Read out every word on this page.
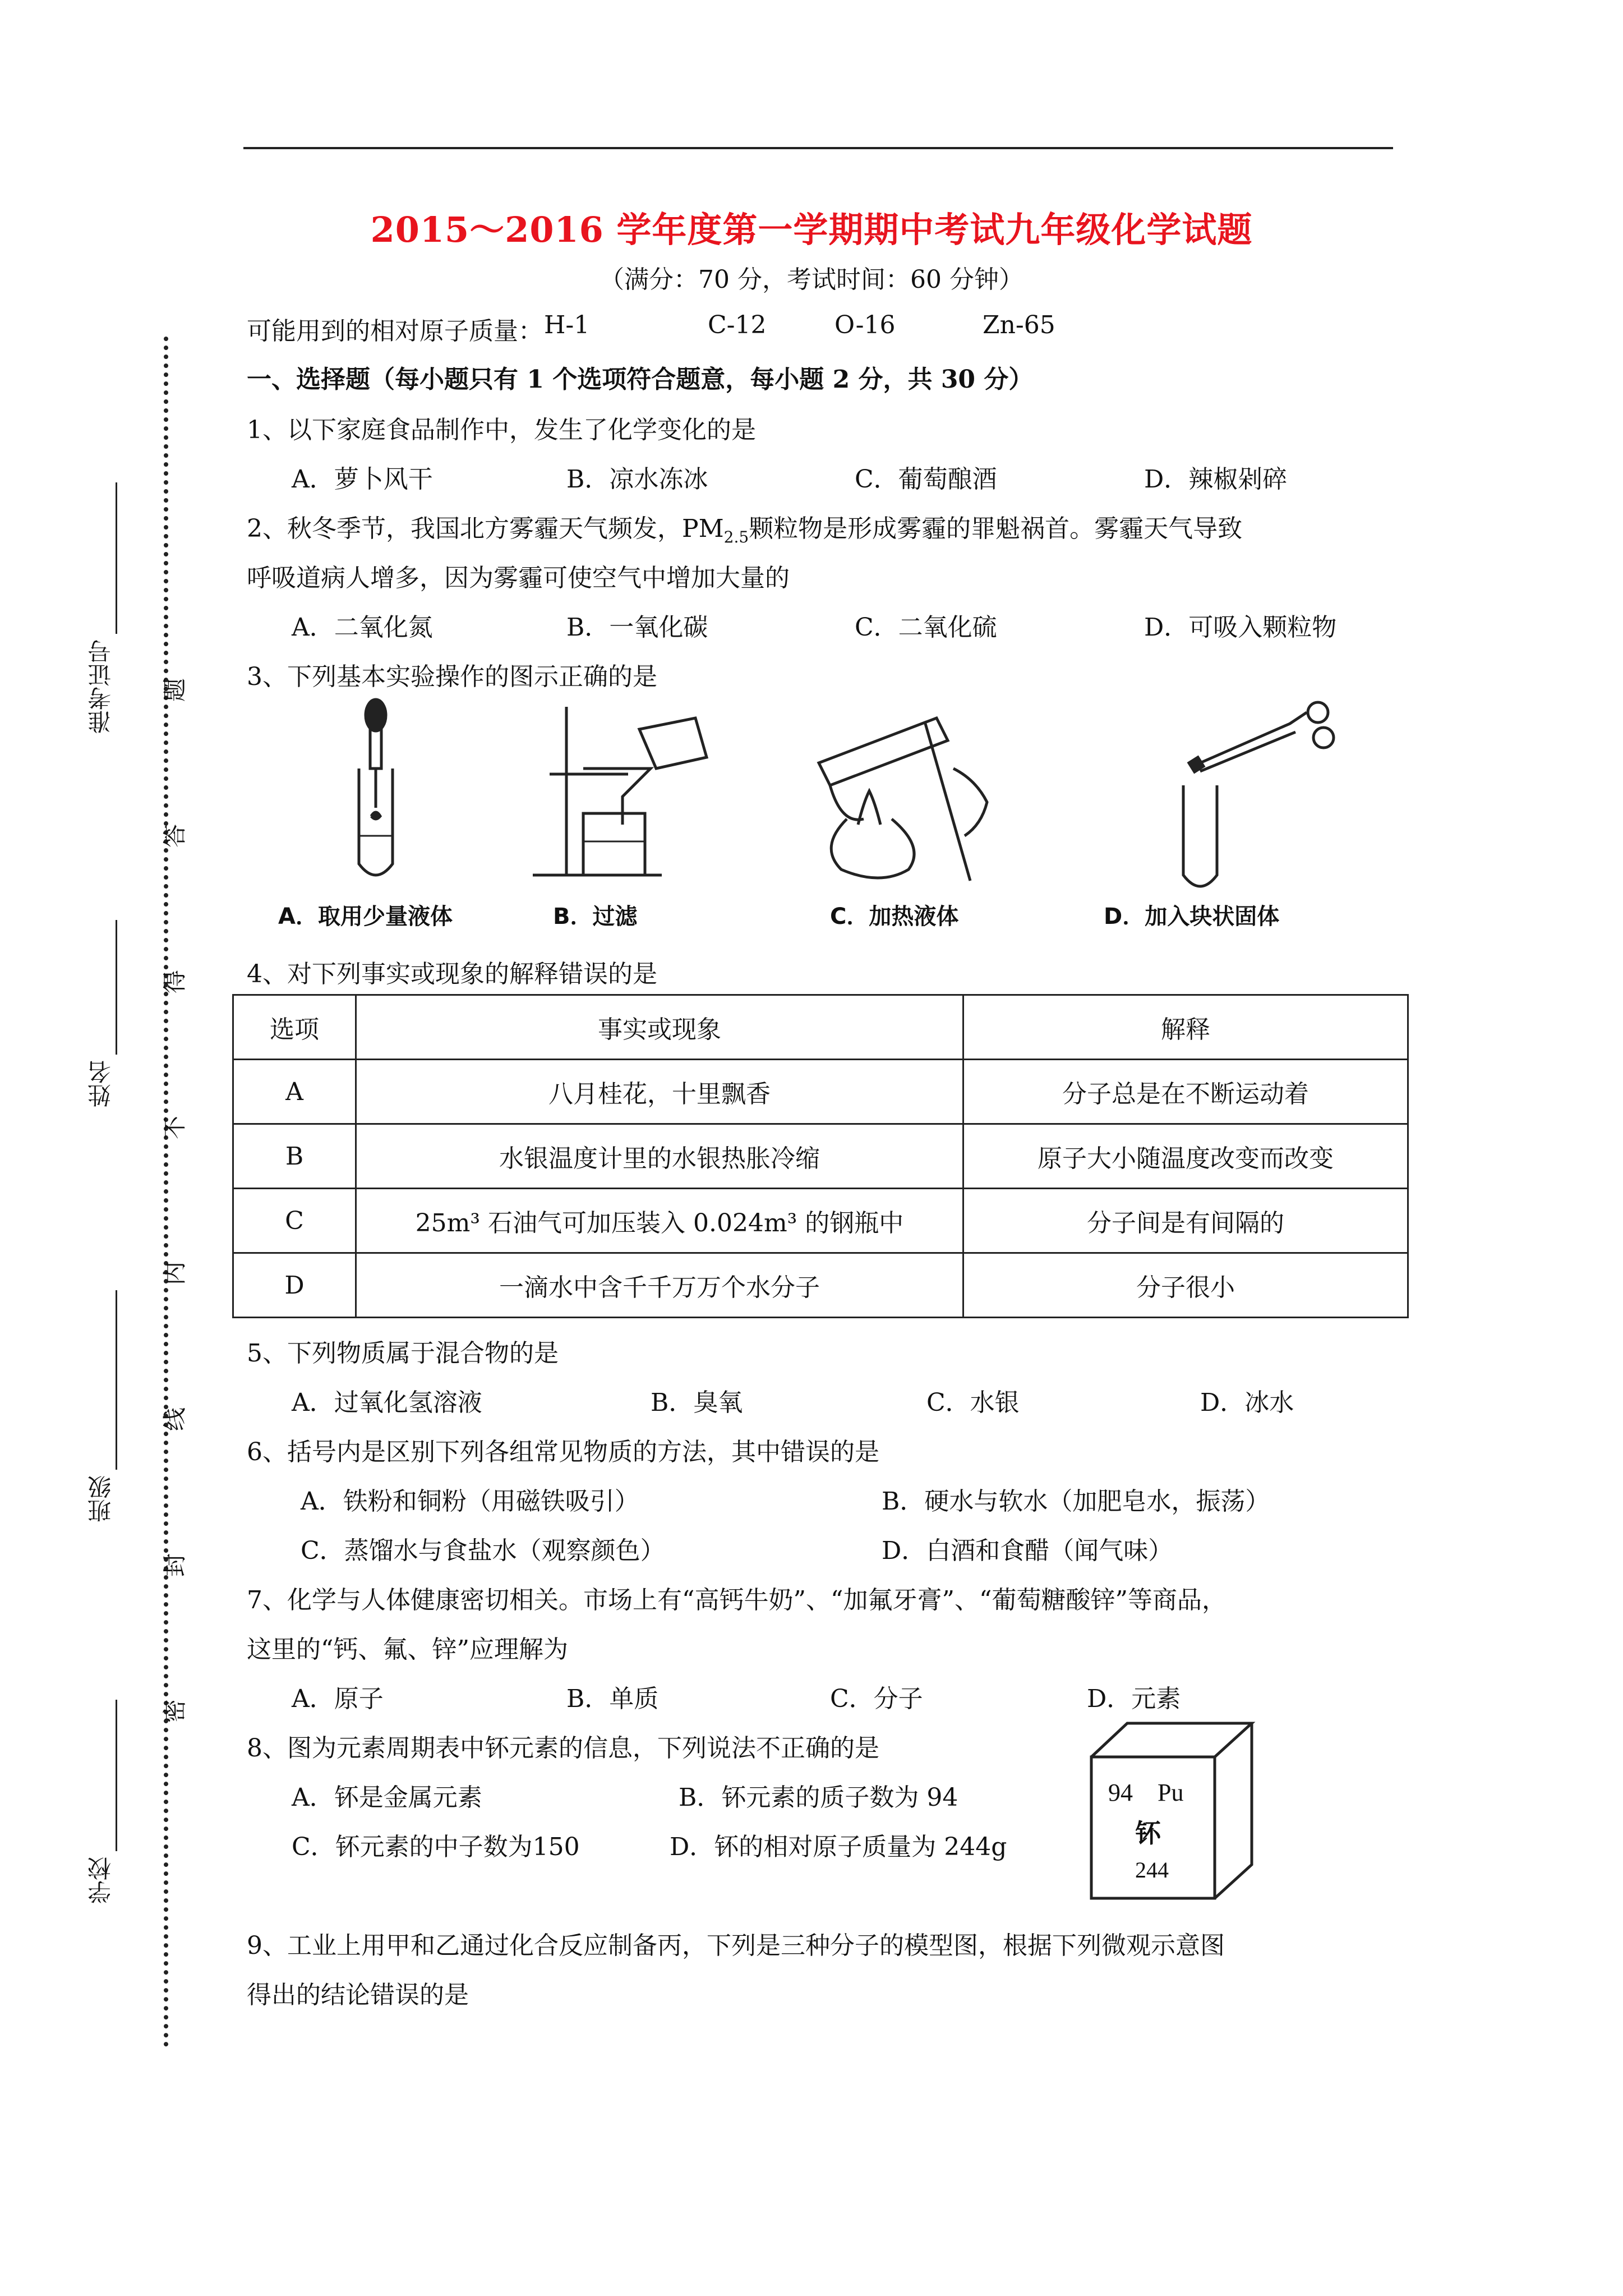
2015～2016 学年度第一学期期中考试九年级化学试题
（满分：70 分，考试时间：60 分钟）
可能用到的相对原子质量： H-1	C-12	O-16	Zn-65
准考证号
姓名
班级
学校
题
答
得
不
内
线
封
密
一、选择题（每小题只有 1 个选项符合题意，每小题 2 分，共 30 分）
1、以下家庭食品制作中，发生了化学变化的是
A．萝卜风干	B．凉水冻冰	C．葡萄酿酒	D．辣椒剁碎
2、秋冬季节，我国北方雾霾天气频发，$PM_{2.5}$颗粒物是形成雾霾的罪魁祸首。雾霾天气导致
呼吸道病人增多，因为雾霾可使空气中增加大量的
A．二氧化氮	B．一氧化碳	C．二氧化硫	D．可吸入颗粒物
3、下列基本实验操作的图示正确的是
A．取用少量液体	B．过滤	C．加热液体	D．加入块状固体
4、对下列事实或现象的解释错误的是
选项	事实或现象	解释
A	八月桂花，十里飘香	分子总是在不断运动着
B	水银温度计里的水银热胀冷缩	原子大小随温度改变而改变
C	25m³ 石油气可加压装入 0.024m³ 的钢瓶中	分子间是有间隔的
D	一滴水中含千千万万个水分子	分子很小
5、下列物质属于混合物的是
A．过氧化氢溶液	B．臭氧	C．水银	D．冰水
6、括号内是区别下列各组常见物质的方法，其中错误的是
A．铁粉和铜粉（用磁铁吸引）	B．硬水与软水（加肥皂水，振荡）
C．蒸馏水与食盐水（观察颜色）	D．白酒和食醋（闻气味）
7、化学与人体健康密切相关。市场上有“高钙牛奶”、“加氟牙膏”、“葡萄糖酸锌”等商品，
这里的“钙、氟、锌”应理解为
A．原子	B．单质	C．分子	D．元素
8、图为元素周期表中钚元素的信息，下列说法不正确的是
A．钚是金属元素	B．钚元素的质子数为 94
C．钚元素的中子数为150	D．钚的相对原子质量为 244g
94 Pu
钚
244
9、工业上用甲和乙通过化合反应制备丙，下列是三种分子的模型图，根据下列微观示意图
得出的结论错误的是
